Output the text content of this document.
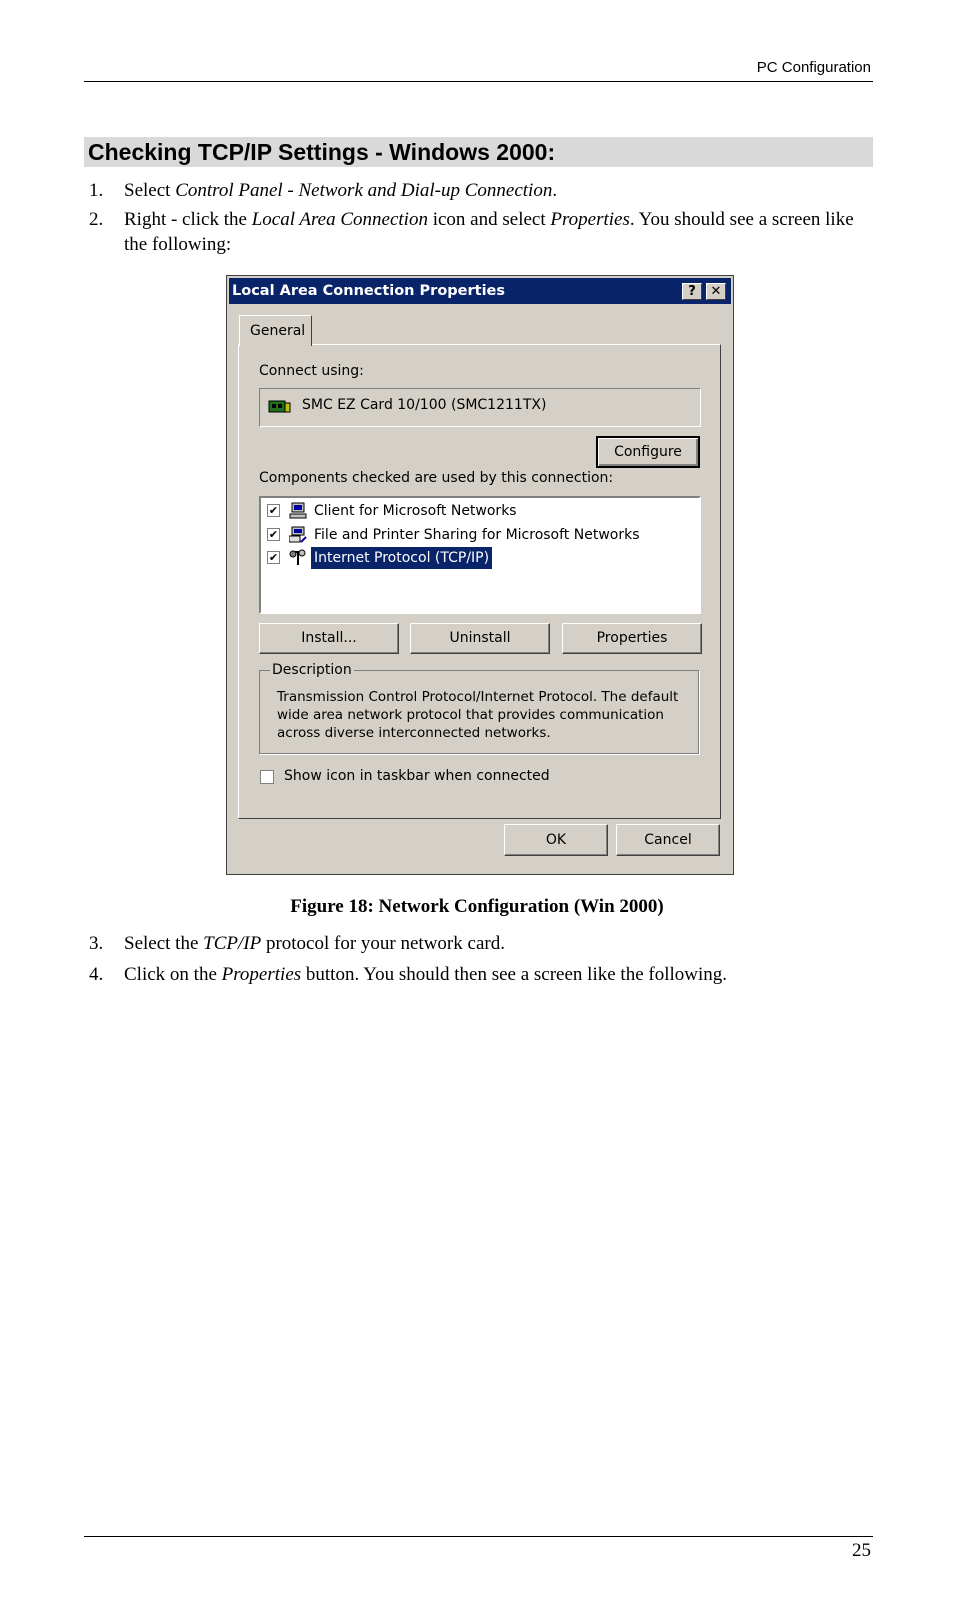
PC Configuration
Checking TCP/IP Settings - Windows 2000:
1. Select Control Panel - Network and Dial-up Connection.
2. Right - click the Local Area Connection icon and select Properties. You should see a screen like the following:
Local Area Connection Properties	?	✕
General
Connect using:
SMC EZ Card 10/100 (SMC1211TX)
Configure
Components checked are used by this connection:
✔	Client for Microsoft Networks
✔	File and Printer Sharing for Microsoft Networks
✔	Internet Protocol (TCP/IP)
Install...	Uninstall	Properties
Description
Transmission Control Protocol/Internet Protocol. The default wide area network protocol that provides communication across diverse interconnected networks.
Show icon in taskbar when connected
OK	Cancel
Figure 18: Network Configuration (Win 2000)
3. Select the TCP/IP protocol for your network card.
4. Click on the Properties button. You should then see a screen like the following.
25
